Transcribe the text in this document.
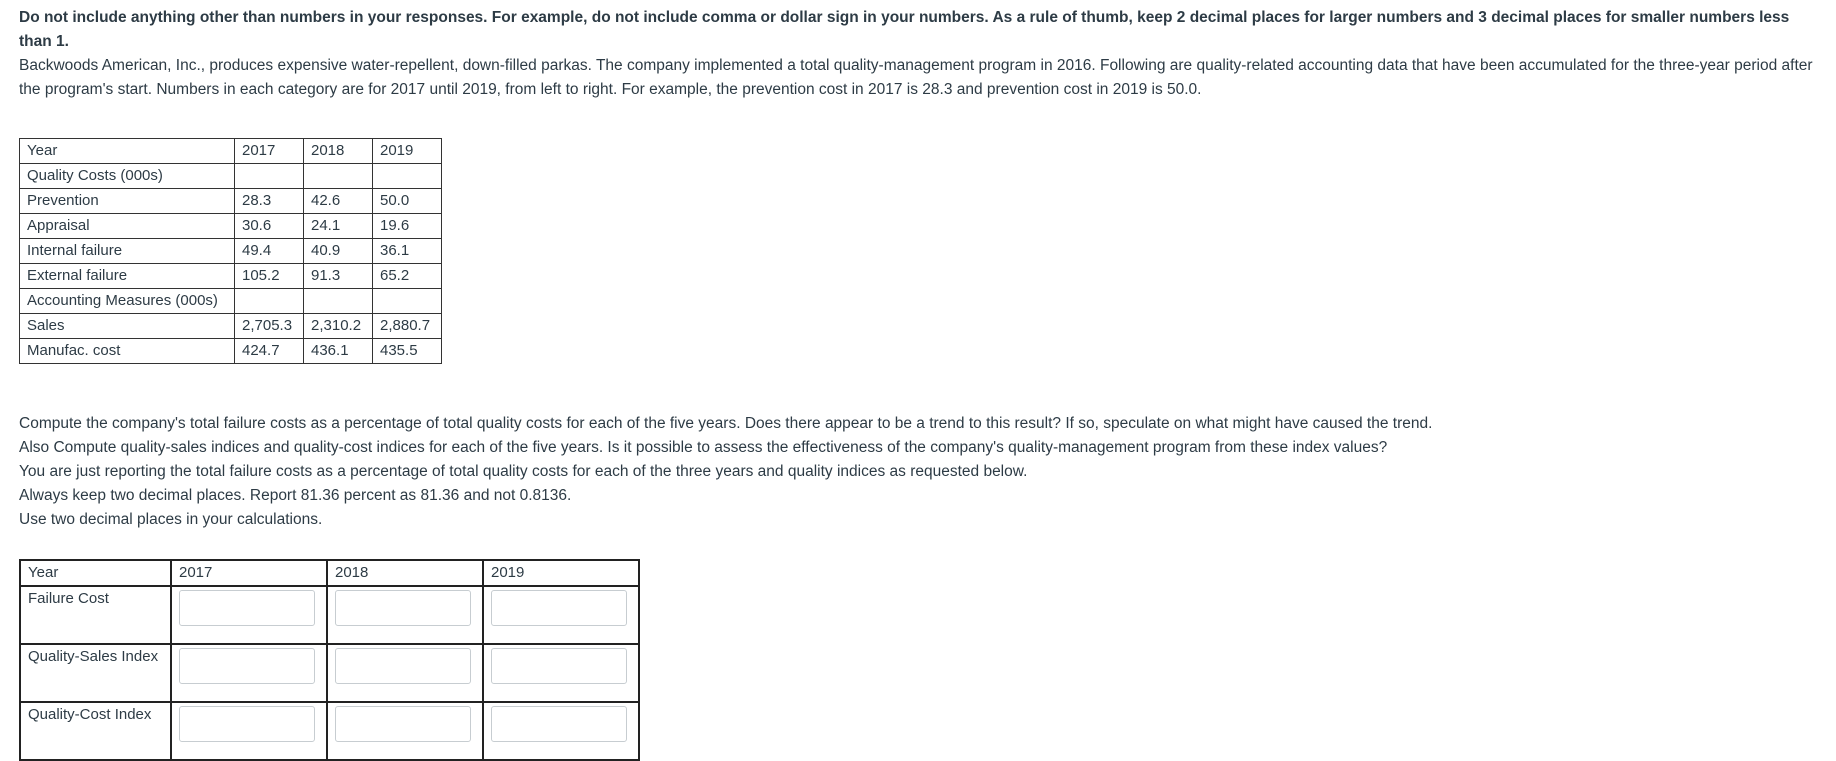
Do not include anything other than numbers in your responses. For example, do not include comma or dollar sign in your numbers. As a rule of thumb, keep 2 decimal places for larger numbers and 3 decimal places for smaller numbers less than 1.

Backwoods American, Inc., produces expensive water-repellent, down-filled parkas. The company implemented a total quality-management program in 2016. Following are quality-related accounting data that have been accumulated for the three-year period after the program's start. Numbers in each category are for 2017 until 2019, from left to right. For example, the prevention cost in 2017 is 28.3 and prevention cost in 2019 is 50.0.

Year	2017	2018	2019
Quality Costs (000s)			
Prevention	28.3	42.6	50.0
Appraisal	30.6	24.1	19.6
Internal failure	49.4	40.9	36.1
External failure	105.2	91.3	65.2
Accounting Measures (000s)			
Sales	2,705.3	2,310.2	2,880.7
Manufac. cost	424.7	436.1	435.5

Compute the company's total failure costs as a percentage of total quality costs for each of the five years. Does there appear to be a trend to this result? If so, speculate on what might have caused the trend.

Also Compute quality-sales indices and quality-cost indices for each of the five years. Is it possible to assess the effectiveness of the company's quality-management program from these index values?

You are just reporting the total failure costs as a percentage of total quality costs for each of the three years and quality indices as requested below.

Always keep two decimal places. Report 81.36 percent as 81.36 and not 0.8136.

Use two decimal places in your calculations.

Year	2017	2018	2019
Failure Cost	

Quality-Sales Index	

Quality-Cost Index	
